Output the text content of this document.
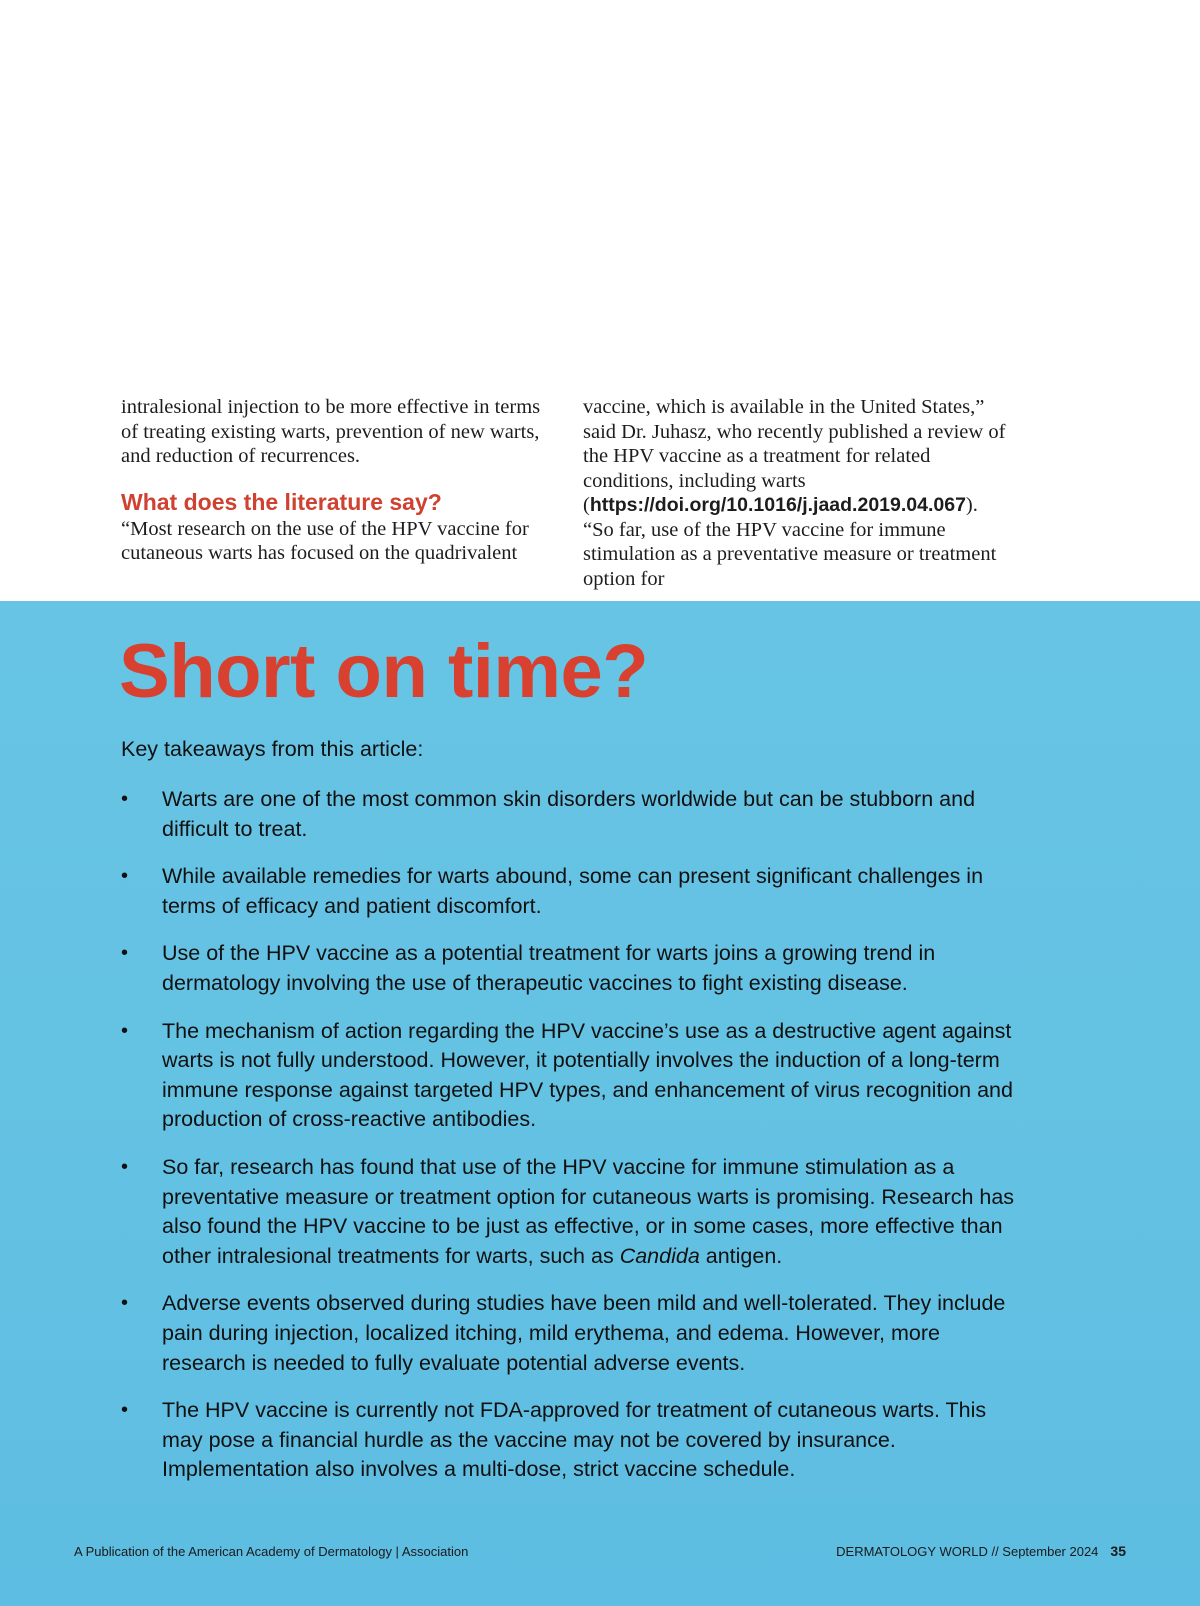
intralesional injection to be more effective in terms of treating existing warts, prevention of new warts, and reduction of recurrences.

What does the literature say?

“Most research on the use of the HPV vaccine for cutaneous warts has focused on the quadrivalent

vaccine, which is available in the United States,” said Dr. Juhasz, who recently published a review of the HPV vaccine as a treatment for related conditions, including warts (https://doi.org/10.1016/j.jaad.2019.04.067). “So far, use of the HPV vaccine for immune stimulation as a preventative measure or treatment option for

Short on time?
Key takeaways from this article:
• Warts are one of the most common skin disorders worldwide but can be stubborn and difficult to treat.
• While available remedies for warts abound, some can present significant challenges in terms of efficacy and patient discomfort.
• Use of the HPV vaccine as a potential treatment for warts joins a growing trend in dermatology involving the use of therapeutic vaccines to fight existing disease.
• The mechanism of action regarding the HPV vaccine’s use as a destructive agent against warts is not fully understood. However, it potentially involves the induction of a long-term immune response against targeted HPV types, and enhancement of virus recognition and production of cross-reactive antibodies.
• So far, research has found that use of the HPV vaccine for immune stimulation as a preventative measure or treatment option for cutaneous warts is promising. Research has also found the HPV vaccine to be just as effective, or in some cases, more effective than other intralesional treatments for warts, such as Candida antigen.
• Adverse events observed during studies have been mild and well-tolerated. They include pain during injection, localized itching, mild erythema, and edema. However, more research is needed to fully evaluate potential adverse events.
• The HPV vaccine is currently not FDA-approved for treatment of cutaneous warts. This may pose a financial hurdle as the vaccine may not be covered by insurance. Implementation also involves a multi-dose, strict vaccine schedule.
A Publication of the American Academy of Dermatology | Association	DERMATOLOGY WORLD // September 2024 35
